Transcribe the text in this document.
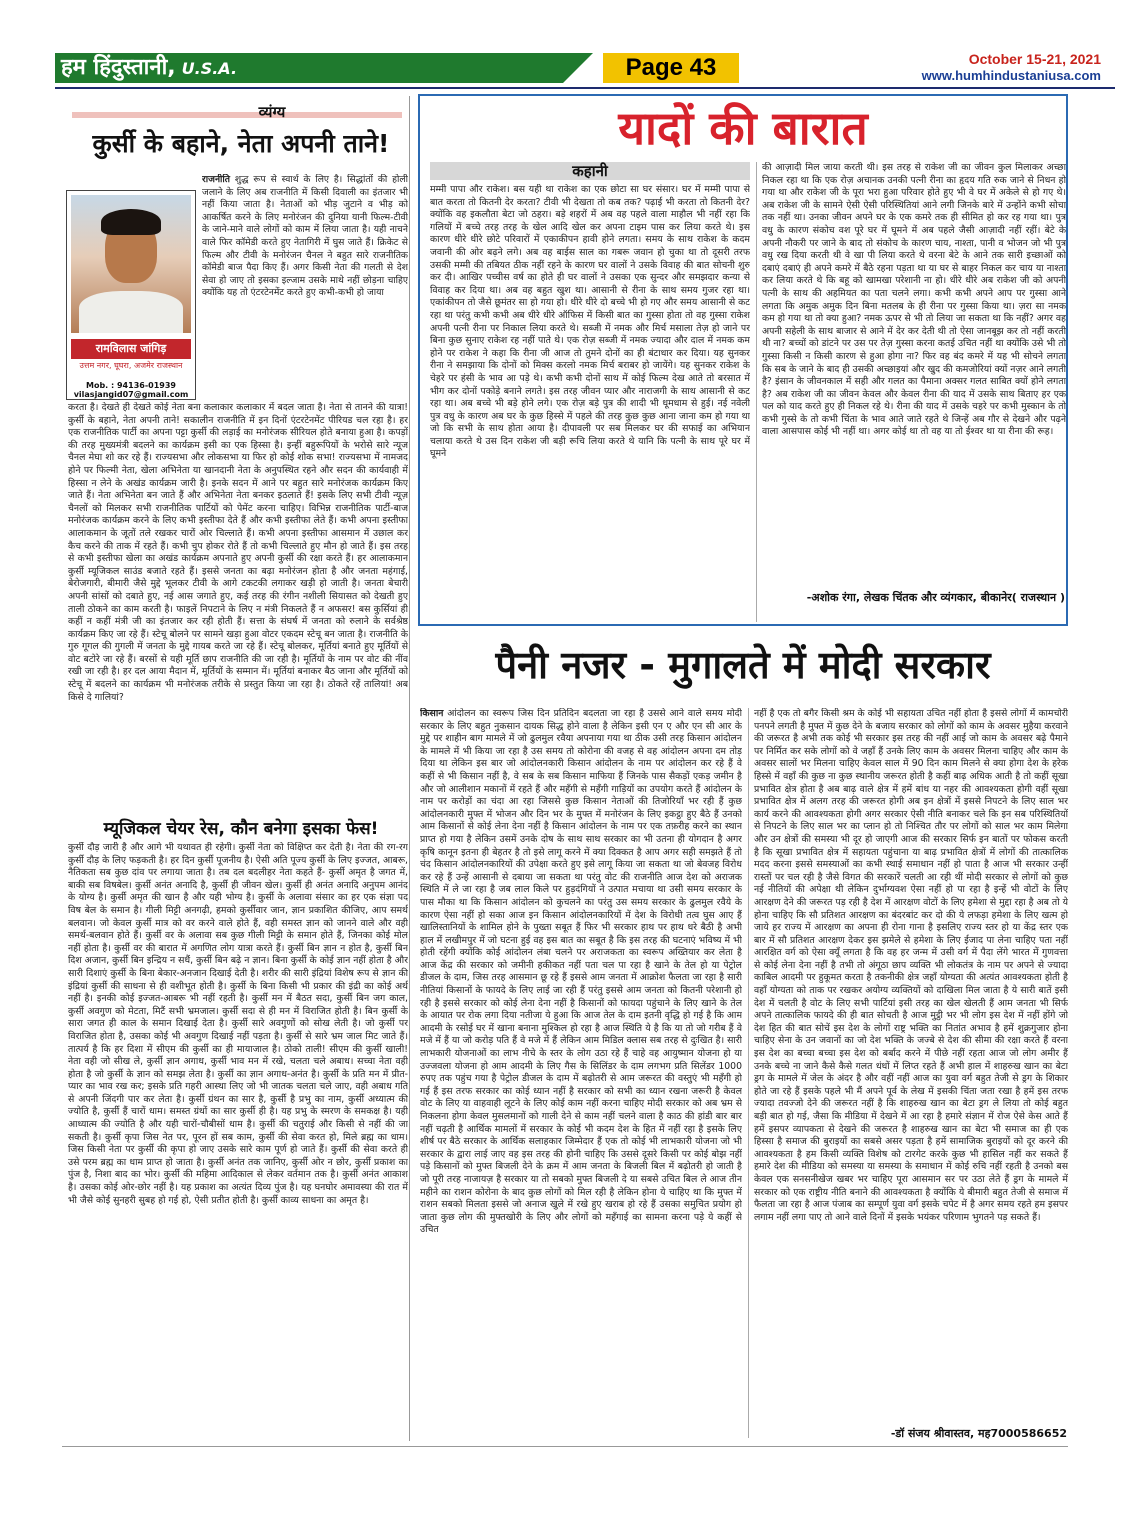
हम हिंदुस्तानी, U.S.A.	Page 43	October 15-21, 2021
www.humhindustaniusa.com
व्यंग्य
कुर्सी के बहाने, नेता अपनी ताने!
रामविलास जांगिड़
उत्तम नगर, घूघरा, अजमेर राजस्थान
Mob. : 94136-01939
vilasjangid07@gmail.com
राजनीति शुद्ध रूप से स्वार्थ के लिए है। सिद्धांतों की होली जलाने के लिए अब राजनीति में किसी दिवाली का इंतजार भी नहीं किया जाता है। नेताओं को भीड़ जुटाने व भीड़ को आकर्षित करने के लिए मनोरंजन की दुनिया यानी फिल्म-टीवी के जाने-माने वाले लोगों को काम में लिया जाता है। यही नाचने वाले फिर कॉमेडी करते हुए नेतागिरी में घुस जाते हैं। क्रिकेट से फिल्म और टीवी के मनोरंजन चैनल ने बहुत सारे राजनीतिक कॉमेडी बाज पैदा किए हैं। अगर किसी नेता की गलती से देश सेवा हो जाए तो इसका इल्जाम उसके माथे नहीं छोड़ना चाहिए क्योंकि यह तो एंटरटेनमेंट करते हुए कभी-कभी हो जाया
करता है। देखते ही देखते कोई नेता बना कलाकार कलाकार में बदल जाता है। नेता से तानने की यात्रा! कुर्सी के बहाने, नेता अपनी ताने! सकालीन राजनीति में इन दिनों एंटरटेनमेंट पीरियड चल रहा है। हर एक राजनीतिक पार्टी का अपना पट्टा कुर्सी की लड़ाई का मनोरंजक सीरियल होते बनाया हुआ है। कपड़ों की तरह मुख्यमंत्री बदलने का कार्यक्रम इसी का एक हिस्सा है। इन्हीं बहुरूपियों के भरोसे सारे न्यूज चैनल मेघा शो कर रहे हैं। राज्यसभा और लोकसभा या फिर हो कोई शोक सभा! राज्यसभा में नामजद होने पर फिल्मी नेता, खेला अभिनेता या खानदानी नेता के अनुपस्थित रहने और सदन की कार्यवाही में हिस्सा न लेने के अखंड कार्यक्रम जारी है। इनके सदन में आने पर बहुत सारे मनोरंजक कार्यक्रम किए जाते हैं। नेता अभिनेता बन जाते हैं और अभिनेता नेता बनकर इठलाते हैं! इसके लिए सभी टीवी न्यूज़ चैनलों को मिलकर सभी राजनीतिक पार्टियों को पेमेंट करना चाहिए। विभिन्न राजनीतिक पार्टी-बाज मनोरंजक कार्यक्रम करने के लिए कभी इस्तीफा देते हैं और कभी इस्तीफा लेते हैं। कभी अपना इस्तीफा आलाकमान के जूतों तले रखकर चारों ओर चिल्लाते हैं। कभी अपना इस्तीफा आसमान में उछाल कर कैच करने की ताक में रहते हैं। कभी चुप होकर रोते हैं तो कभी चिल्लाते हुए मौन हो जाते हैं। इस तरह से कभी इस्तीफा खेला का अखंड कार्यक्रम अपनाते हुए अपनी कुर्सी की रक्षा करते हैं। हर आलाकमान कुर्सी म्यूजिकल साउंड बजाते रहते हैं। इससे जनता का बढ़ा मनोरंजन होता है और जनता महंगाई, बेरोजगारी, बीमारी जैसे मुद्दे भूलकर टीवी के आगे टकटकी लगाकर खड़ी हो जाती है। जनता बेचारी अपनी सांसों को दबाते हुए, नई आस जगाते हुए, कई तरह की रंगीन नशीली सियासत को देखती हुए ताली ठोकने का काम करती है। फाइलें निपटाने के लिए न मंत्री निकलते हैं न अफसर! बस कुर्सियां ही कहीं न कहीं मंत्री जी का इंतजार कर रही होती हैं। सत्ता के संघर्ष में जनता को रुलाने के सर्वश्रेष्ठ कार्यक्रम किए जा रहे हैं। स्टेचू बोलने पर सामने खड़ा हुआ वोटर एकदम स्टेचू बन जाता है। राजनीति के गुरु गूगल की गुगली में जनता के मुद्दे गायब करते जा रहे हैं। स्टेचू बोलकर, मूर्तियां बनाते हुए मूर्तियों से वोट बटोरे जा रहे हैं। बरसों से यही मूर्ति छाप राजनीति की जा रही है। मूर्तियों के नाम पर वोट की नींव रखी जा रही है। हर दल आया मैदान में, मूर्तियों के सम्मान में। मूर्तियां बनाकर बैठ जाना और मूर्तियों को स्टेचू में बदलने का कार्यक्रम भी मनोरंजक तरीके से प्रस्तुत किया जा रहा है। ठोकते रहें तालियां! अब किसे दे गालियां?
म्यूजिकल चेयर रेस, कौन बनेगा इसका फेस!
कुर्सी दौड़ जारी है और आगे भी यथावत ही रहेगी। कुर्सी नेता को विक्षिप्त कर देती है। नेता की रग-रग कुर्सी दौड़ के लिए फड़कती है। हर दिन कुर्सी पूजनीय है। ऐसी अति पूज्य कुर्सी के लिए इज्जत, आबरू, नैतिकता सब कुछ दांव पर लगाया जाता है। तब दल बदलीहर नेता कहते हैं- कुर्सी अमृत है जगत में, बाकी सब विषबेल। कुर्सी अनंत अनादि है, कुर्सी ही जीवन खेल। कुर्सी ही अनंत अनादि अनुपम आनंद के योग्य है। कुर्सी अमृत की खान है और यही भोग्य है। कुर्सी के अलावा संसार का हर एक संज्ञा पद विष बेल के समान है। गीली मिट्टी अनगढ़ी, हमको कुर्सीवार जान, ज्ञान प्रकाशित कीजिए, आप समर्थ बलवान। जो केवल कुर्सी मात्र को वर करने वाले होते हैं, वही समस्त ज्ञान को जानने वाले और वही समर्थ-बलवान होते हैं। कुर्सी वर के अलावा सब कुछ गीली मिट्टी के समान होते हैं, जिनका कोई मोल नहीं होता है। कुर्सी वर की बारात में अगणित लोग यात्रा करते हैं। कुर्सी बिन ज्ञान न होत है, कुर्सी बिन दिश अजान, कुर्सी बिन इन्द्रिय न सधैं, कुर्सी बिन बढ़े न ज्ञान। बिना कुर्सी के कोई ज्ञान नहीं होता है और सारी दिशाएं कुर्सी के बिना बेकार-अनजान दिखाई देती है। शरीर की सारी इंद्रियां विशेष रूप से ज्ञान की इंद्रियां कुर्सी की साधना से ही वशीभूत होती है। कुर्सी के बिना किसी भी प्रकार की इंद्री का कोई अर्थ नहीं है। इनकी कोई इज्जत-आबरू भी नहीं रहती है। कुर्सी मन में बैठत सदा, कुर्सी बिन जग काल, कुर्सी अवगुण को मेटता, मिटैं सभी भ्रमजाल। कुर्सी सदा से ही मन में विराजित होती है। बिन कुर्सी के सारा जगत ही काल के समान दिखाई देता है। कुर्सी सारे अवगुणों को सोख लेती है। जो कुर्सी पर विराजित होता है, उसका कोई भी अवगुण दिखाई नहीं पड़ता है। कुर्सी से सारे भ्रम जाल मिट जाते हैं। तात्पर्य है कि हर दिशा में सीएम की कुर्सी का ही मायाजाल है। ठोको ताली! सीएम की कुर्सी खाली! नेता वही जो सीख ले, कुर्सी ज्ञान अगाध, कुर्सी भाव मन में रखे, चलता चले अबाध। सच्चा नेता वही होता है जो कुर्सी के ज्ञान को समझ लेता है। कुर्सी का ज्ञान अगाध-अनंत है। कुर्सी के प्रति मन में प्रीत-प्यार का भाव रख कर; इसके प्रति गहरी आस्था लिए जो भी जातक चलता चले जाए, वही अबाध गति से अपनी जिंदगी पार कर लेता है। कुर्सी ग्रंथन का सार है, कुर्सी है प्रभु का नाम, कुर्सी अध्यात्म की ज्योति है, कुर्सी हैं चारों धाम। समस्त ग्रंथों का सार कुर्सी ही है। यह प्रभु के स्मरण के समकक्ष है। यही आध्यात्म की ज्योति है और यही चारों-चौबीसों धाम है। कुर्सी की चतुराई और किसी से नहीं की जा सकती है। कुर्सी कृपा जिस नेत पर, पूरन हों सब काम, कुर्सी की सेवा करत हो, मिले ब्रह्म का धाम। जिस किसी नेता पर कुर्सी की कृपा हो जाए उसके सारे काम पूर्ण हो जाते हैं। कुर्सी की सेवा करते ही उसे परम ब्रह्म का धाम प्राप्त हो जाता है। कुर्सी अनंत तक जानिए, कुर्सी ओर न छोर, कुर्सी प्रकाश का पुंज है, निशा बाद का भोर। कुर्सी की महिमा आदिकाल से लेकर वर्तमान तक है। कुर्सी अनंत आकाश है। उसका कोई ओर-छोर नहीं है। यह प्रकाश का अत्यंत दिव्य पुंज है। यह घनघोर अमावस्या की रात में भी जैसे कोई सुनहरी सुबह हो गई हो, ऐसी प्रतीत होती है। कुर्सी काव्य साधना का अमृत है।
यादों की बारात
कहानी
मम्मी पापा और राकेश। बस यही था राकेश का एक छोटा सा घर संसार। घर में मम्मी पापा से बात करता तो कितनी देर करता? टीवी भी देखता तो कब तक? पढ़ाई भी करता तो कितनी देर? क्योंकि वह इकलौता बेटा जो ठहरा। बड़े शहरों में अब वह पहले वाला माहौल भी नहीं रहा कि गलियों में बच्चे तरह तरह के खेल आदि खेल कर अपना टाइम पास कर लिया करते थे। इस कारण धीरे धीरे छोटे परिवारों में एकाकीपन हावी होने लगता। समय के साथ राकेश के कदम जवानी की ओर बढ़ने लगे। अब वह बाईस साल का गबरू जवान हो चुका था तो दूसरी तरफ उसकी मम्मी की तबियत ठीक नहीं रहने के कारण घर वालों ने उसके विवाह की बात सोचनी शुरु कर दी। आखिर पच्चीस वर्ष का होते ही घर वालों ने उसका एक सुन्दर और समझदार कन्या से विवाह कर दिया था। अब वह बहुत खुश था। आसानी से रीना के साथ समय गुजर रहा था। एकांकीपन तो जैसे छूमंतर सा हो गया हो। धीरे धीरे दो बच्चे भी हो गए और समय आसानी से कट रहा था परंतु कभी कभी अब धीरे धीरे ऑफिस में किसी बात का गुस्सा होता तो वह गुस्सा राकेश अपनी पत्नी रीना पर निकाल लिया करते थे। सब्जी में नमक और मिर्च मसाला तेज़ हो जाने पर बिना कुछ सुनाए राकेश रह नहीं पाते थे। एक रोज़ सब्जी में नमक ज्यादा और दाल में नमक कम होने पर राकेश ने कहा कि रीना जी आज तो तुमने दोनों का ही बंटाधार कर दिया। यह सुनकर रीना ने समझाया कि दोनों को मिक्स करलो नमक मिर्च बराबर हो जायेंगे। यह सुनकर राकेश के चेहरे पर हंसी के भाव आ पड़े थे। कभी कभी दोनों साथ में कोई फिल्म देख आते तो बरसात में भीग कर दोनों पकोड़े बनाने लगते। इस तरह जीवन प्यार और नाराजगी के साथ आसानी से कट रहा था। अब बच्चे भी बड़े होने लगे। एक रोज़ बड़े पुत्र की शादी भी धूमधाम से हुई। नई नवेली पुत्र वधु के कारण अब घर के कुछ हिस्से में पहले की तरह कुछ कुछ आना जाना कम हो गया था जो कि सभी के साथ होता आया है। दीपावली पर सब मिलकर घर की सफाई का अभियान चलाया करते थे उस दिन राकेश जी बड़ी रूचि लिया करते थे यानि कि पत्नी के साथ पूरे घर में घूमने
की आज़ादी मिल जाया करती थी। इस तरह से राकेश जी का जीवन कुल मिलाकर अच्छा निकल रहा था कि एक रोज़ अचानक उनकी पत्नी रीना का हृदय गति रुक जाने से निधन हो गया था और राकेश जी के पूरा भरा हुआ परिवार होते हुए भी वे घर में अकेले से हो गए थे। अब राकेश जी के सामने ऐसी ऐसी परिस्थितियां आने लगी जिनके बारे में उन्होंने कभी सोचा तक नहीं था। उनका जीवन अपने घर के एक कमरे तक ही सीमित हो कर रह गया था। पुत्र वधु के कारण संकोच वश पूरे घर में घूमने में अब पहले जैसी आज़ादी नहीं रहीं। बेटे के अपनी नौकरी पर जाने के बाद तो संकोच के कारण चाय, नाश्ता, पानी व भोजन जो भी पुत्र वधु रख दिया करती थी वे खा पी लिया करते थे वरना बेटे के आने तक सारी इच्छाओं को दबाएं दबाएं ही अपने कमरे में बैठे रहना पड़ता था या घर से बाहर निकल कर चाय या नाश्ता कर लिया करते थे कि बहू को खामखा परेशानी ना हो। धीरे धीरे अब राकेश जी को अपनी पत्नी के साथ की अहमियत का पता चलने लगा। कभी कभी अपने आप पर गुस्सा आने लगता कि अमुक अमुक दिन बिना मतलब के ही रीना पर गुस्सा किया था। ज़रा सा नमक कम हो गया था तो क्या हुआ? नमक ऊपर से भी तो लिया जा सकता था कि नहीं? अगर वह अपनी सहेली के साथ बाजार से आने में देर कर देती थी तो ऐसा जानबूझ कर तो नहीं करती थी ना? बच्चों को डांटने पर उस पर तेज़ गुस्सा करना कतई उचित नहीं था क्योंकि उसे भी तो गुस्सा किसी न किसी कारण से हुआ होगा ना? फिर वह बंद कमरे में यह भी सोचने लगता कि सब के जाने के बाद ही उसकी अच्छाइयां और खुद की कमजोरियां क्यों नज़र आने लगती है? इंसान के जीवनकाल में सही और गलत का पैमाना अक्सर गलत साबित क्यों होने लगता है? अब राकेश जी का जीवन केवल और केवल रीना की याद में उसके साथ बिताए हर एक पल को याद करते हुए ही निकल रहे थे। रीना की याद में उसके चहरे पर कभी मुस्कान के तो कभी गुस्से के तो कभी चिंता के भाव आते जाते रहते थे जिन्हें अब गौर से देखने और पढ़ने वाला आसपास कोई भी नहीं था। अगर कोई था तो वह या तो ईश्वर था या रीना की रूह।
-अशोक रंगा, लेखक चिंतक और व्यंगकार, बीकानेर( राजस्थान )
पैनी नजर - मुगालते में मोदी सरकार
किसान आंदोलन का स्वरूप जिस दिन प्रतिदिन बदलता जा रहा है उससे आने वाले समय मोदी सरकार के लिए बहुत नुकसान दायक सिद्ध होने वाला है लेकिन इसी एन ए और एन सी आर के मुद्दे पर शाहीन बाग मामले में जो ढुलमुल रवैया अपनाया गया था ठीक उसी तरह किसान आंदोलन के मामले में भी किया जा रहा है उस समय तो कोरोना की वजह से वह आंदोलन अपना दम तोड़ दिया था लेकिन इस बार जो आंदोलनकारी किसान आंदोलन के नाम पर आंदोलन कर रहे हैं वे कहीं से भी किसान नहीं है, वे सब के सब किसान माफिया हैं जिनके पास सैकड़ों एकड़ जमीन है और जो आलीशान मकानों में रहते हैं और महँगी से महँगी गाड़ियों का उपयोग करते हैं आंदोलन के नाम पर करोड़ों का चंदा आ रहा जिससे कुछ किसान नेताओं की तिजोरियाँ भर रही हैं कुछ आंदोलनकारी मुफ्त में भोजन और दिन भर के मुफ्त में मनोरंजन के लिए इकट्ठा हुए बैठे हैं उनको आम किसानों से कोई लेना देना नहीं है किसान आंदोलन के नाम पर एक तफ़रीह करने का स्थान प्राप्त हो गया है लेकिन उसमें उनके दोष के साथ साथ सरकार का भी उतना ही योगदान है अगर कृषि कानून इतना ही बेहतर है तो इसे लागू करने में क्या दिक्कत है आप अगर सही समझते हैं तो चंद किसान आंदोलनकारियों की उपेक्षा करते हुए इसे लागू किया जा सकता था जो बेवजह विरोध कर रहे हैं उन्हें आसानी से दबाया जा सकता था परंतु वोट की राजनीति आज देश को अराजक स्थिति में ले जा रहा है जब लाल किले पर हुड़दंगियों ने उत्पात मचाया था उसी समय सरकार के पास मौका था कि किसान आंदोलन को कुचलने का परंतु उस समय सरकार के ढुलमुल रवैये के कारण ऐसा नहीं हो सका आज इन किसान आंदोलनकारियों में देश के विरोधी तत्व घुस आए हैं खालिस्तानियों के शामिल होने के पुख्ता सबूत हैं फिर भी सरकार हाथ पर हाथ धरे बैठी है अभी हाल में लखीमपुर में जो घटना हुई वह इस बात का सबूत है कि इस तरह की घटनाएं भविष्य में भी होती रहेंगी क्योंकि कोई आंदोलन लंबा चलने पर अराजकता का स्वरूप अख्तियार कर लेता है आज केंद्र की सरकार को जमीनी हकीकत नहीं पता चल पा रहा है खाने के तेल हो या पेट्रोल डीजल के दाम, जिस तरह आसमान छू रहे हैं इससे आम जनता में आक्रोश फैलता जा रहा है सारी नीतियां किसानों के फायदे के लिए लाई जा रही हैं परंतु इससे आम जनता को कितनी परेशानी हो रही है इससे सरकार को कोई लेना देना नहीं है किसानों को फायदा पहुंचाने के लिए खाने के तेल के आयात पर रोक लगा दिया नतीजा ये हुआ कि आज तेल के दाम इतनी वृद्धि हो गई है कि आम आदमी के रसोई घर में खाना बनाना मुश्किल हो रहा है आज स्थिति ये है कि या तो जो गरीब हैं वे मजे में हैं या जो करोड़ पति हैं वे मजे में हैं लेकिन आम मिडिल क्लास सब तरह से दुःखित है। सारी लाभकारी योजनाओं का लाभ नीचे के स्तर के लोग उठा रहे हैं चाहे वह आयुष्मान योजना हो या उज्जवला योजना हो आम आदमी के लिए गैस के सिलिंडर के दाम लगभग प्रति सिलेंडर 1000 रुपए तक पहुंच गया है पेट्रोल डीजल के दाम में बढ़ोतरी से आम जरूरत की वस्तुएं भी महँगी हो गई हैं इस तरफ सरकार का कोई ध्यान नहीं है सरकार को सभी का ध्यान रखना जरूरी है केवल वोट के लिए या वाहवाही लूटने के लिए कोई काम नहीं करना चाहिए मोदी सरकार को अब भ्रम से निकलना होगा केवल मुसलमानों को गाली देने से काम नहीं चलने वाला है काठ की हांडी बार बार नहीं चढ़ती है आर्थिक मामलों में सरकार के कोई भी कदम देश के हित में नहीं रहा है इसके लिए शीर्ष पर बैठे सरकार के आर्थिक सलाहकार जिम्मेदार हैं एक तो कोई भी लाभकारी योजना जो भी सरकार के द्वारा लाई जाए वह इस तरह की होनी चाहिए कि उससे दूसरे किसी पर कोई बोझ नहीं पड़े किसानों को मुफ्त बिजली देने के क्रम में आम जनता के बिजली बिल में बढ़ोतरी हो जाती है जो पूरी तरह नाजायज़ है सरकार या तो सबको मुफ्त बिजली दे या सबसे उचित बिल ले आज तीन महीने का राशन कोरोना के बाद कुछ लोगों को मिल रही है लेकिन होना ये चाहिए था कि मुफ्त में राशन सबको मिलता इससे जो अनाज खुले में रखे हुए खराब हो रहे हैं उसका समुचित प्रयोग हो जाता कुछ लोग की मुफ्तखोरी के लिए और लोगों को महँगाई का सामना करना पड़े ये कहीं से उचित
नहीं है एक तो बगैर किसी श्रम के कोई भी सहायता उचित नहीं होता है इससे लोगों में कामचोरी पनपने लगती है मुफ्त में कुछ देने के बजाय सरकार को लोगों को काम के अवसर मुहैया करवाने की जरूरत है अभी तक कोई भी सरकार इस तरह की नहीं आई जो काम के अवसर बढ़े पैमाने पर निर्मित कर सके लोगों को वे जहाँ हैं उनके लिए काम के अवसर मिलना चाहिए और काम के अवसर सालों भर मिलना चाहिए केवल साल में 90 दिन काम मिलने से क्या होगा देश के हरेक हिस्से में वहाँ की कुछ ना कुछ स्थानीय जरूरत होती है कहीं बाढ़ अधिक आती है तो कहीं सूखा प्रभावित क्षेत्र होता है अब बाढ़ वाले क्षेत्र में हमें बांध या नहर की आवश्यकता होगी वहीं सूखा प्रभावित क्षेत्र में अलग तरह की जरूरत होगी अब इन क्षेत्रों में इससे निपटने के लिए साल भर कार्य करने की आवश्यकता होगी अगर सरकार ऐसी नीति बनाकर चले कि इन सब परिस्थितियों से निपटने के लिए साल भर का प्लान हो तो निश्चित तौर पर लोगों को साल भर काम मिलेगा और उन क्षेत्रों की समस्या भी दूर हो जाएगी आज की सरकार सिर्फ इन बातों पर फोकस करती है कि सूखा प्रभावित क्षेत्र में सहायता पहुंचाना या बाढ़ प्रभावित क्षेत्रों में लोगों की तात्कालिक मदद करना इससे समस्याओं का कभी स्थाई समाधान नहीं हो पाता है आज भी सरकार उन्हीं रास्तों पर चल रही है जैसे विगत की सरकारें चलती आ रही थीं मोदी सरकार से लोगों को कुछ नई नीतियों की अपेक्षा थी लेकिन दुर्भाग्यवश ऐसा नहीं हो पा रहा है इन्हें भी वोटों के लिए आरक्षण देने की जरूरत पड़ रही है देश में आरक्षण वोटों के लिए हमेशा से मुद्दा रहा है अब तो ये होना चाहिए कि सौ प्रतिशत आरक्षण का बंदरबांट कर दो की ये लफड़ा हमेशा के लिए खत्म हो जाये हर राज्य में आरक्षण का अपना ही रोना गाना है इसलिए राज्य स्तर हो या केंद्र स्तर एक बार में सौ प्रतिशत आरक्षण देकर इस झमेले से हमेशा के लिए ईजाद पा लेना चाहिए पता नहीं आरक्षित वर्ग को ऐसा क्यूँ लगता है कि वह हर जन्म में उसी वर्ग में पैदा लेंगे भारत में गुणवत्ता से कोई लेना देना नहीं है तभी तो अंगूठा छाप व्यक्ति भी लोकतंत्र के नाम पर अपने से ज्यादा काबिल आदमी पर हुकूमत करता है तकनीकी क्षेत्र जहाँ योग्यता की अत्यंत आवश्यकता होती है वहाँ योग्यता को ताक पर रखकर अयोग्य व्यक्तियों को दाखिला मिल जाता है ये सारी बातें इसी देश में चलती है वोट के लिए सभी पार्टियां इसी तरह का खेल खेलती हैं आम जनता भी सिर्फ अपने तात्कालिक फायदे की ही बात सोचती है आज मुट्ठी भर भी लोग इस देश में नहीं होंगे जो देश हित की बात सोचें इस देश के लोगों राष्ट्र भक्ति का नितांत अभाव है हमें शुक्रगुजार होना चाहिए सेना के उन जवानों का जो देश भक्ति के जज्बे से देश की सीमा की रक्षा करते हैं वरना इस देश का बच्चा बच्चा इस देश को बर्बाद करने में पीछे नहीं रहता आज जो लोग अमीर हैं उनके बच्चे ना जाने कैसे कैसे गलत धंधों में लिप्त रहते हैं अभी हाल में शाहरुख खान का बेटा ड्रग के मामले में जेल के अंदर है और वहीं नहीं आज का युवा वर्ग बहुत तेजी से ड्रग के शिकार होते जा रहे हैं इसके पहले भी मैं अपने पूर्व के लेख में इसकी चिंता जता रखा है हमें इस तरफ ज्यादा तवज्जो देने की जरूरत नहीं है कि शाहरुख खान का बेटा ड्रग ले लिया तो कोई बहुत बड़ी बात हो गई, जैसा कि मीडिया में देखने में आ रहा है हमारे संज्ञान में रोज ऐसे केस आते हैं हमें इसपर व्यापकता से देखने की जरूरत है शाहरुख खान का बेटा भी समाज का ही एक हिस्सा है समाज की बुराइयों का सबसे असर पड़ता है हमें सामाजिक बुराइयों को दूर करने की आवश्यकता है हम किसी व्यक्ति विशेष को टारगेट करके कुछ भी हासिल नहीं कर सकते हैं हमारे देश की मीडिया को समस्या या समस्या के समाधान में कोई रुचि नहीं रहती है उनको बस केवल एक सनसनीखेज खबर भर चाहिए पूरा आसमान सर पर उठा लेते हैं ड्रग के मामले में सरकार को एक राष्ट्रीय नीति बनाने की आवश्यकता है क्योंकि ये बीमारी बहुत तेजी से समाज में फैलता जा रहा है आज पंजाब का सम्पूर्ण युवा वर्ग इसके चपेट में है अगर समय रहते हम इसपर लगाम नहीं लगा पाए तो आने वाले दिनों में इसके भयंकर परिणाम भुगतने पड़ सकते हैं।
-डॉ संजय श्रीवास्तव, मह7000586652
